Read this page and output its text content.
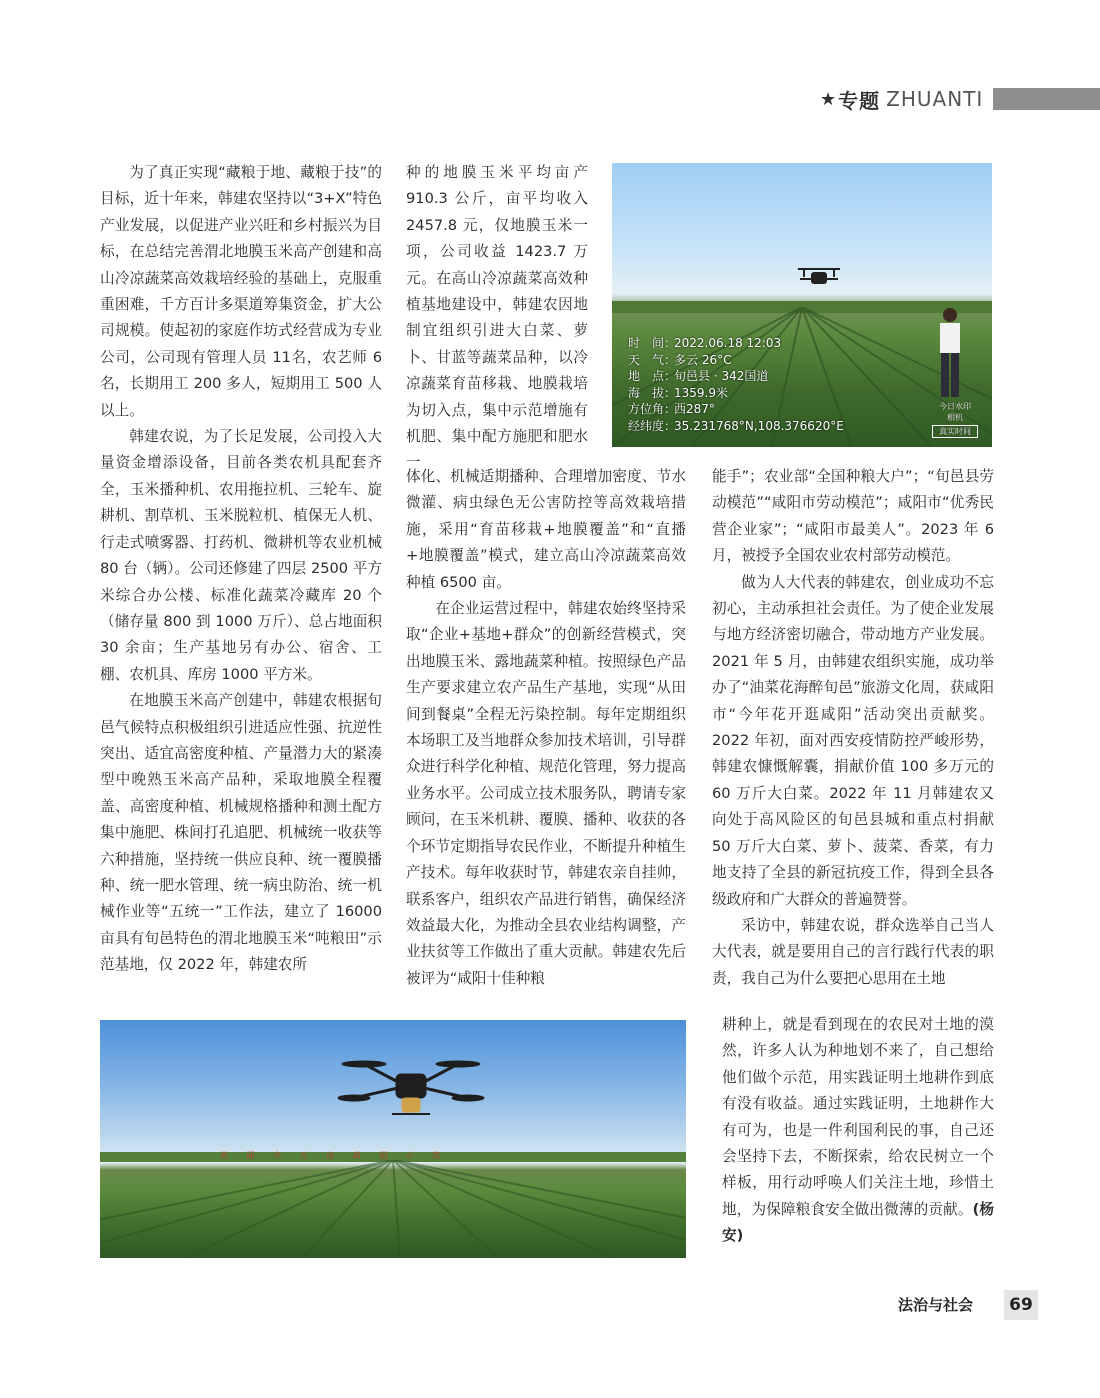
★ 专题 ZHUANTI

为了真正实现“藏粮于地、藏粮于技”的目标，近十年来，韩建农坚持以“3+X”特色产业发展，以促进产业兴旺和乡村振兴为目标，在总结完善渭北地膜玉米高产创建和高山冷凉蔬菜高效栽培经验的基础上，克服重重困难，千方百计多渠道筹集资金，扩大公司规模。使起初的家庭作坊式经营成为专业公司，公司现有管理人员 11名，农艺师 6 名，长期用工 200 多人，短期用工 500 人以上。

韩建农说，为了长足发展，公司投入大量资金增添设备，目前各类农机具配套齐全，玉米播种机、农用拖拉机、三轮车、旋耕机、割草机、玉米脱粒机、植保无人机、行走式喷雾器、打药机、微耕机等农业机械 80 台（辆）。公司还修建了四层 2500 平方米综合办公楼、标准化蔬菜冷藏库 20 个（储存量 800 到 1000 万斤）、总占地面积 30 余亩；生产基地另有办公、宿舍、工棚、农机具、库房 1000 平方米。

在地膜玉米高产创建中，韩建农根据旬邑气候特点积极组织引进适应性强、抗逆性突出、适宜高密度种植、产量潜力大的紧凑型中晚熟玉米高产品种，采取地膜全程覆盖、高密度种植、机械规格播种和测土配方集中施肥、株间打孔追肥、机械统一收获等六种措施，坚持统一供应良种、统一覆膜播种、统一肥水管理、统一病虫防治、统一机械作业等“五统一”工作法，建立了 16000 亩具有旬邑特色的渭北地膜玉米“吨粮田”示范基地，仅 2022 年，韩建农所

种的地膜玉米平均亩产 910.3 公斤，亩平均收入 2457.8 元，仅地膜玉米一项，公司收益 1423.7 万元。在高山冷凉蔬菜高效种植基地建设中，韩建农因地制宜组织引进大白菜、萝卜、甘蓝等蔬菜品种，以冷凉蔬菜育苗移栽、地膜栽培为切入点，集中示范增施有机肥、集中配方施肥和肥水一

时　间：2022.06.18 12:03
天　气：多云 26°C
地　点：旬邑县 · 342国道
海　拔：1359.9米
方位角：西287°
经纬度：35.231768°N,108.376620°E
今日水印
相机
真实时间

体化、机械适期播种、合理增加密度、节水微灌、病虫绿色无公害防控等高效栽培措施，采用“育苗移栽+地膜覆盖”和“直播+地膜覆盖”模式，建立高山冷凉蔬菜高效种植 6500 亩。

在企业运营过程中，韩建农始终坚持采取“企业+基地+群众”的创新经营模式，突出地膜玉米、露地蔬菜种植。按照绿色产品生产要求建立农产品生产基地，实现“从田间到餐桌”全程无污染控制。每年定期组织本场职工及当地群众参加技术培训，引导群众进行科学化种植、规范化管理，努力提高业务水平。公司成立技术服务队，聘请专家顾问，在玉米机耕、覆膜、播种、收获的各个环节定期指导农民作业，不断提升种植生产技术。每年收获时节，韩建农亲自挂帅，联系客户，组织农产品进行销售，确保经济效益最大化，为推动全县农业结构调整，产业扶贫等工作做出了重大贡献。韩建农先后被评为“咸阳十佳种粮

能手”；农业部“全国种粮大户”；“旬邑县劳动模范”“咸阳市劳动模范”；咸阳市“优秀民营企业家”；“咸阳市最美人”。2023 年 6 月，被授予全国农业农村部劳动模范。

做为人大代表的韩建农，创业成功不忘初心，主动承担社会责任。为了使企业发展与地方经济密切融合，带动地方产业发展。2021 年 5 月，由韩建农组织实施，成功举办了“油菜花海醉旬邑”旅游文化周，获咸阳市“今年花开逛咸阳”活动突出贡献奖。2022 年初，面对西安疫情防控严峻形势，韩建农慷慨解囊，捐献价值 100 多万元的 60 万斤大白菜。2022 年 11 月韩建农又向处于高风险区的旬邑县城和重点村捐献 50 万斤大白菜、萝卜、菠菜、香菜，有力地支持了全县的新冠抗疫工作，得到全县各级政府和广大群众的普遍赞誉。

采访中，韩建农说，群众选举自己当人大代表，就是要用自己的言行践行代表的职责，我自己为什么要把心思用在土地

耕种上，就是看到现在的农民对土地的漠然，许多人认为种地划不来了，自己想给他们做个示范，用实践证明土地耕作到底有没有收益。通过实践证明，土地耕作大有可为，也是一件利国利民的事，自己还会坚持下去，不断探索，给农民树立一个样板，用行动呼唤人们关注土地，珍惜土地，为保障粮食安全做出微薄的贡献。(杨安)

美 丽 中 万 亩 蔬 园 示 范
法治与社会	69
